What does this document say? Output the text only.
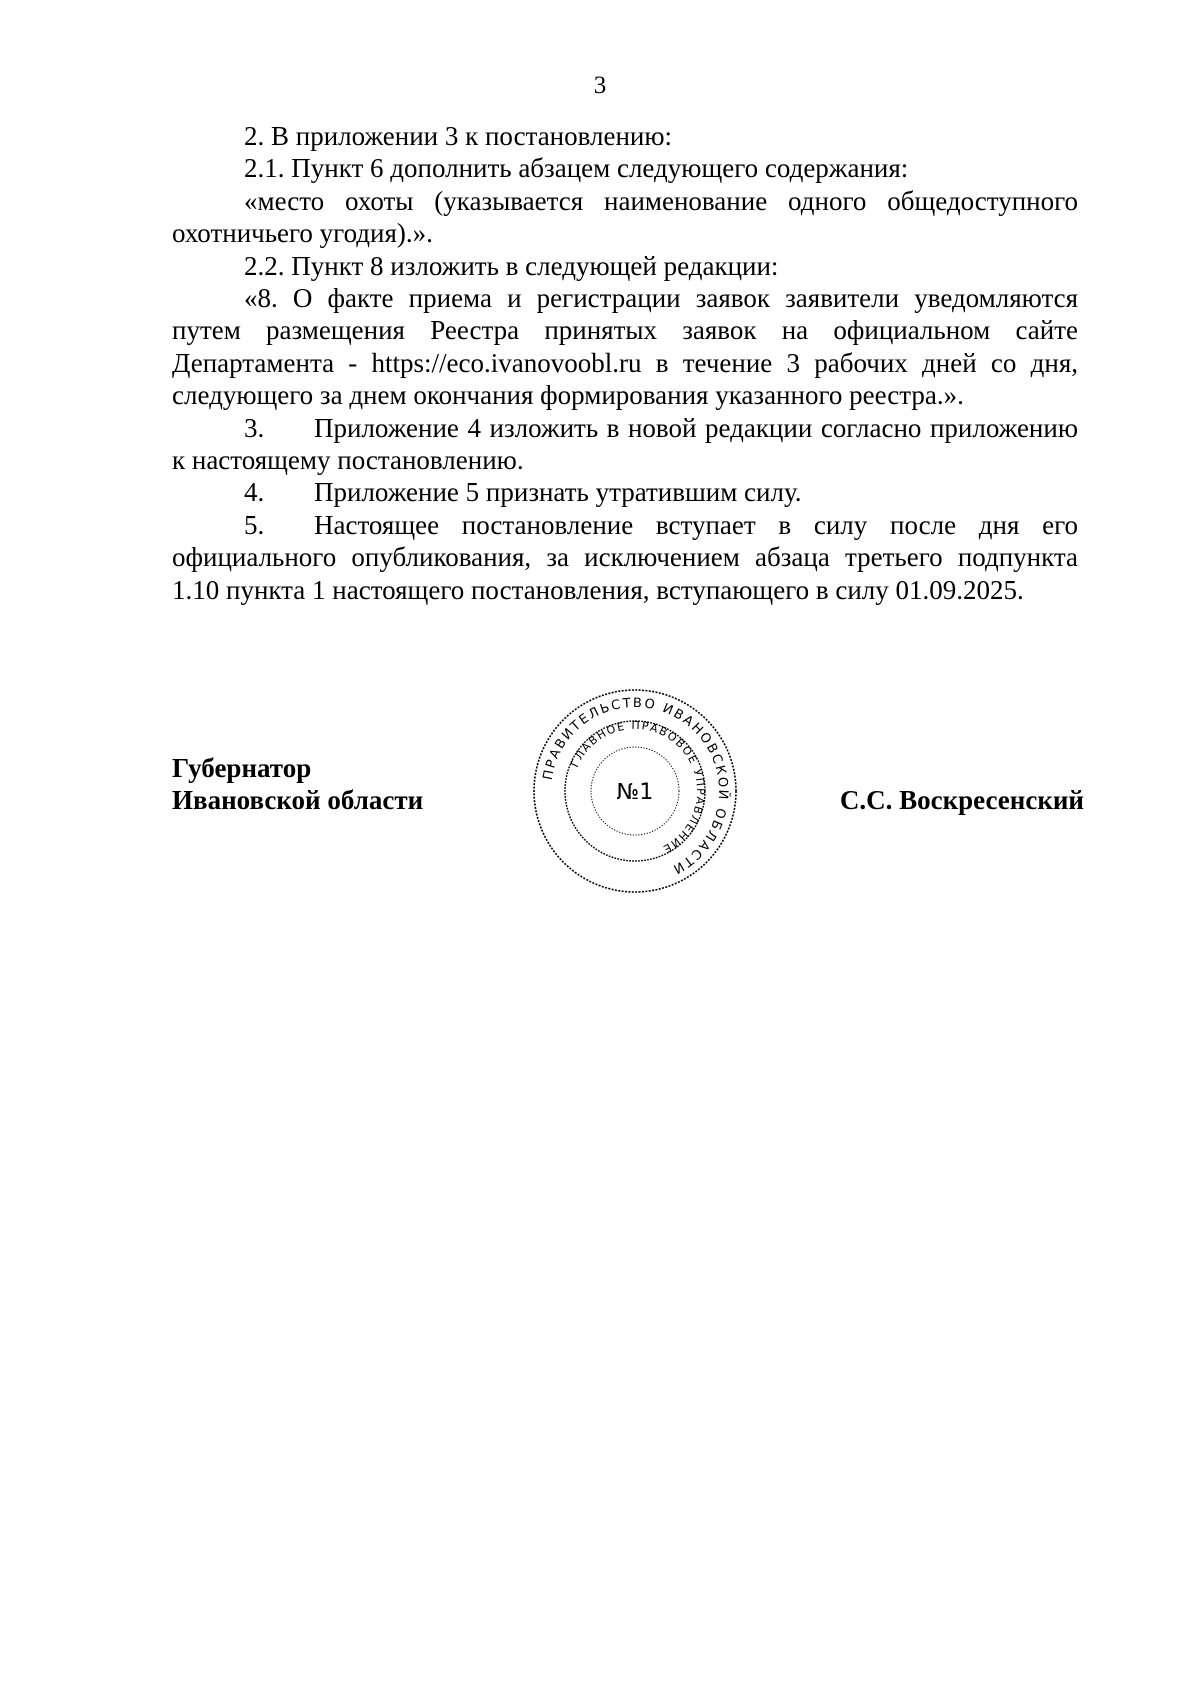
3

2. В приложении 3 к постановлению:

2.1. Пункт 6 дополнить абзацем следующего содержания:

«место охоты (указывается наименование одного общедоступного охотничьего угодия).».

2.2. Пункт 8 изложить в следующей редакции:

«8. О факте приема и регистрации заявок заявители уведомляются путем размещения Реестра принятых заявок на официальном сайте Департамента - https://eco.ivanovoobl.ru в течение 3 рабочих дней со дня, следующего за днем окончания формирования указанного реестра.».

3. Приложение 4 изложить в новой редакции согласно приложению к настоящему постановлению.

4. Приложение 5 признать утратившим силу.

5. Настоящее постановление вступает в силу после дня его официального опубликования, за исключением абзаца третьего подпункта 1.10 пункта 1 настоящего постановления, вступающего в силу 01.09.2025.

Губернатор
Ивановской области	С.С. Воскресенский
ПРАВИТЕЛЬСТВО ИВАНОВСКОЙ ОБЛАСТИ
ГЛАВНОЕ ПРАВОВОЕ УПРАВЛЕНИЕ
№1
